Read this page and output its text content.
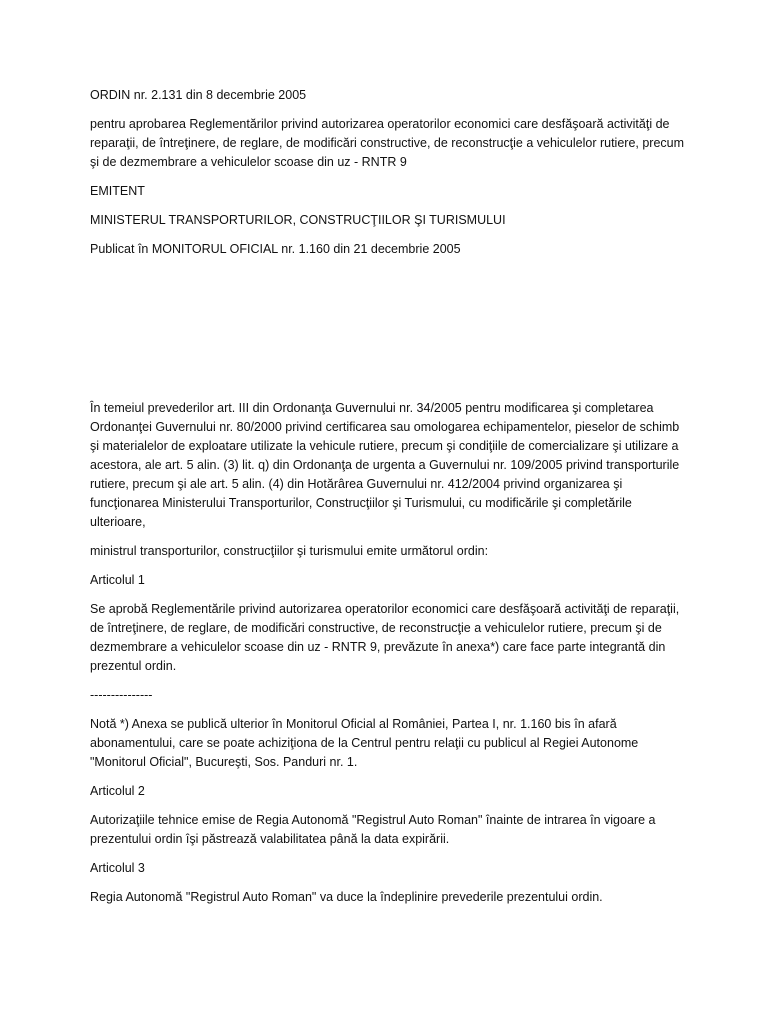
ORDIN nr. 2.131 din 8 decembrie 2005

pentru aprobarea Reglementărilor privind autorizarea operatorilor economici care desfăşoară activităţi de reparaţii, de întreţinere, de reglare, de modificări constructive, de reconstrucţie a vehiculelor rutiere, precum şi de dezmembrare a vehiculelor scoase din uz - RNTR 9

EMITENT

MINISTERUL TRANSPORTURILOR, CONSTRUCŢIILOR ŞI TURISMULUI

Publicat în MONITORUL OFICIAL nr. 1.160 din 21 decembrie 2005

În temeiul prevederilor art. III din Ordonanţa Guvernului nr. 34/2005 pentru modificarea şi completarea Ordonanţei Guvernului nr. 80/2000 privind certificarea sau omologarea echipamentelor, pieselor de schimb şi materialelor de exploatare utilizate la vehicule rutiere, precum şi condiţiile de comercializare şi utilizare a acestora, ale art. 5 alin. (3) lit. q) din Ordonanţa de urgenta a Guvernului nr. 109/2005 privind transporturile rutiere, precum şi ale art. 5 alin. (4) din Hotărârea Guvernului nr. 412/2004 privind organizarea şi funcţionarea Ministerului Transporturilor, Construcţiilor şi Turismului, cu modificările şi completările ulterioare,

ministrul transporturilor, construcţiilor şi turismului emite următorul ordin:

Articolul 1

Se aprobă Reglementările privind autorizarea operatorilor economici care desfăşoară activităţi de reparaţii, de întreţinere, de reglare, de modificări constructive, de reconstrucţie a vehiculelor rutiere, precum şi de dezmembrare a vehiculelor scoase din uz - RNTR 9, prevăzute în anexa*) care face parte integrantă din prezentul ordin.

---------------

Notă *) Anexa se publică ulterior în Monitorul Oficial al României, Partea I, nr. 1.160 bis în afară abonamentului, care se poate achiziţiona de la Centrul pentru relaţii cu publicul al Regiei Autonome "Monitorul Oficial", Bucureşti, Sos. Panduri nr. 1.

Articolul 2

Autorizaţiile tehnice emise de Regia Autonomă "Registrul Auto Roman" înainte de intrarea în vigoare a prezentului ordin îşi păstrează valabilitatea până la data expirării.

Articolul 3

Regia Autonomă "Registrul Auto Roman" va duce la îndeplinire prevederile prezentului ordin.
